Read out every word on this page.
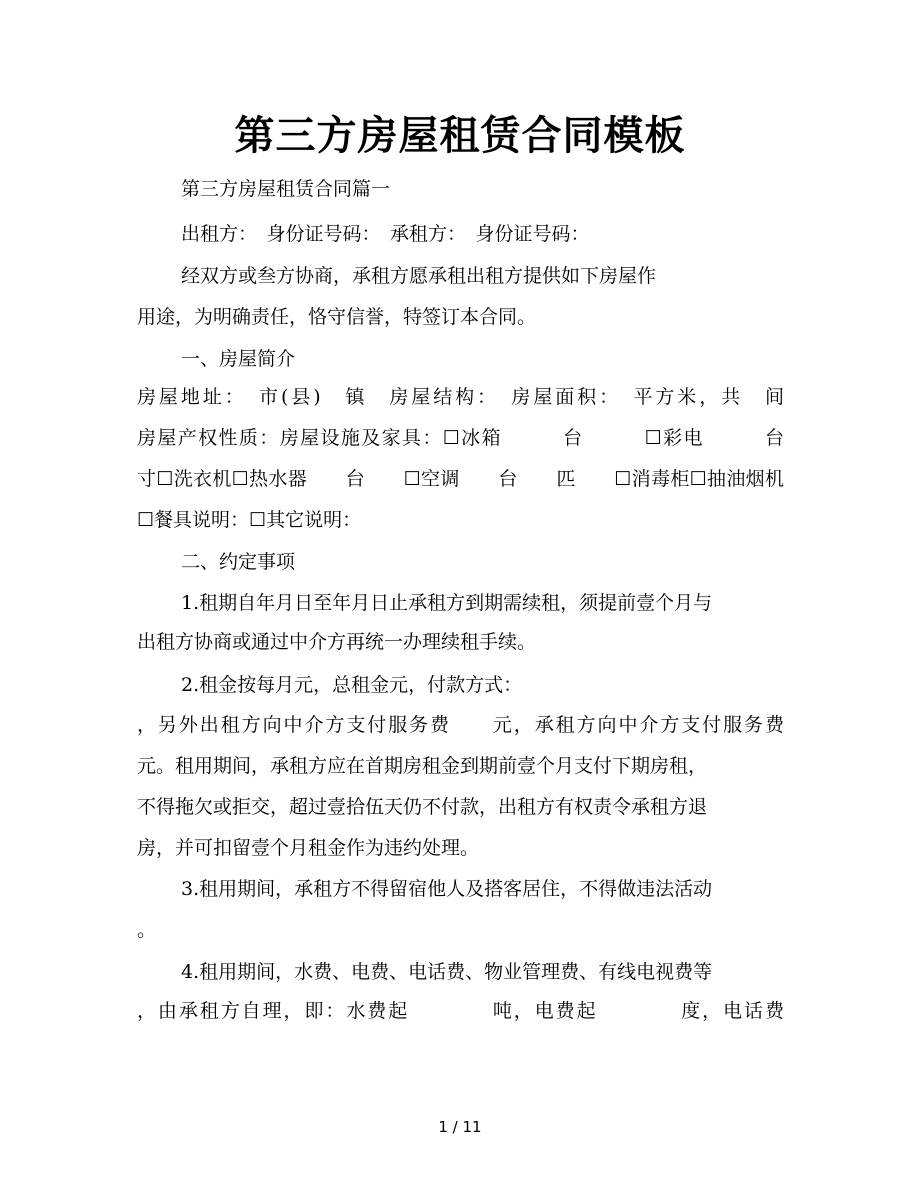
第三方房屋租赁合同模板
第三方房屋租赁合同篇一
出租方：　身份证号码：　承租方：　身份证号码：
经双方或叁方协商，承租方愿承租出租方提供如下房屋作
用途，为明确责任，恪守信誉，特签订本合同。
一、房屋简介
房屋地址：　市(县)　镇　房屋结构：　房屋面积：　平方米，共　间
房屋产权性质：房屋设施及家具：☐冰箱　　　台　　　☐彩电　　　台
寸☐洗衣机☐热水器　　台　　☐空调　　台　　匹　　☐消毒柜☐抽油烟机
☐餐具说明：☐其它说明：
二、约定事项
1.租期自年月日至年月日止承租方到期需续租，须提前壹个月与
出租方协商或通过中介方再统一办理续租手续。
2.租金按每月元，总租金元，付款方式：
，另外出租方向中介方支付服务费　　元，承租方向中介方支付服务费
元。租用期间，承租方应在首期房租金到期前壹个月支付下期房租，
不得拖欠或拒交，超过壹拾伍天仍不付款，出租方有权责令承租方退
房，并可扣留壹个月租金作为违约处理。
3.租用期间，承租方不得留宿他人及搭客居住，不得做违法活动
。
4.租用期间，水费、电费、电话费、物业管理费、有线电视费等
，由承租方自理，即：水费起　　　　吨，电费起　　　　度，电话费
1 / 11
